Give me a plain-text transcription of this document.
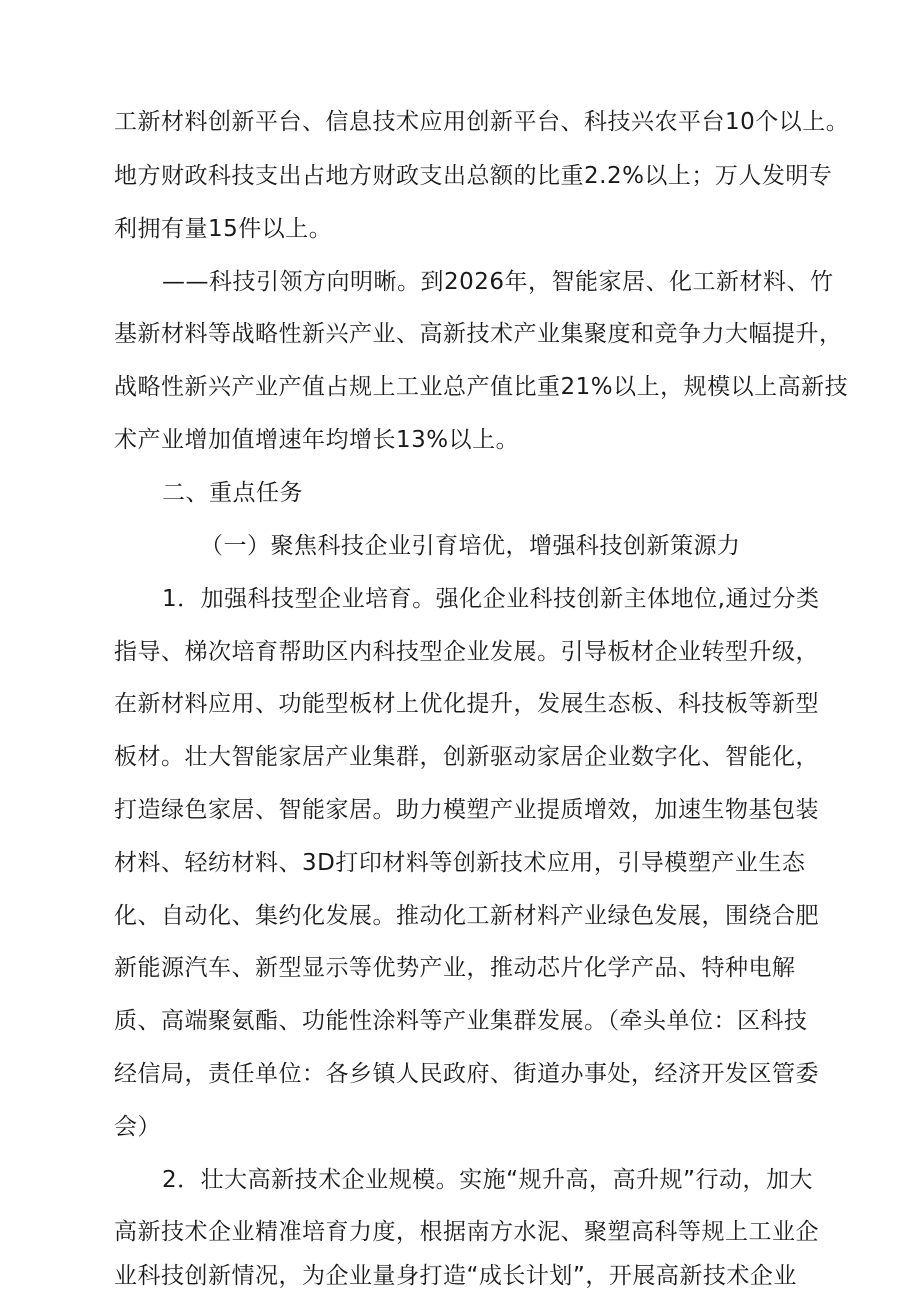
工新材料创新平台、信息技术应用创新平台、科技兴农平台10个以上。
地方财政科技支出占地方财政支出总额的比重2.2%以上；万人发明专
利拥有量15件以上。
——科技引领方向明晰。到2026年，智能家居、化工新材料、竹
基新材料等战略性新兴产业、高新技术产业集聚度和竞争力大幅提升，
战略性新兴产业产值占规上工业总产值比重21%以上，规模以上高新技
术产业增加值增速年均增长13%以上。
二、重点任务
（一）聚焦科技企业引育培优，增强科技创新策源力
1．加强科技型企业培育。强化企业科技创新主体地位,通过分类
指导、梯次培育帮助区内科技型企业发展。引导板材企业转型升级，
在新材料应用、功能型板材上优化提升，发展生态板、科技板等新型
板材。壮大智能家居产业集群，创新驱动家居企业数字化、智能化，
打造绿色家居、智能家居。助力模塑产业提质增效，加速生物基包装
材料、轻纺材料、3D打印材料等创新技术应用，引导模塑产业生态
化、自动化、集约化发展。推动化工新材料产业绿色发展，围绕合肥
新能源汽车、新型显示等优势产业，推动芯片化学产品、特种电解
质、高端聚氨酯、功能性涂料等产业集群发展。（牵头单位：区科技
经信局，责任单位：各乡镇人民政府、街道办事处，经济开发区管委
会）
2．壮大高新技术企业规模。实施“规升高，高升规”行动，加大
高新技术企业精准培育力度，根据南方水泥、聚塑高科等规上工业企
业科技创新情况，为企业量身打造“成长计划”，开展高新技术企业
